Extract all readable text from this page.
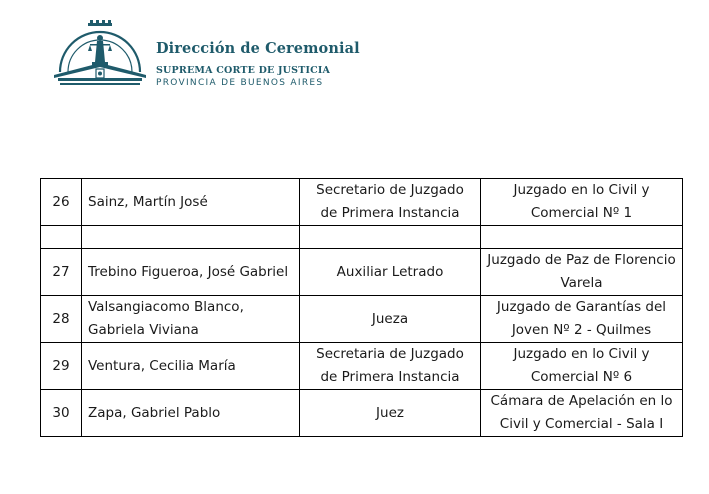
Dirección de Ceremonial
SUPREMA CORTE DE JUSTICIA
PROVINCIA DE BUENOS AIRES
26	Sainz, Martín José	Secretario de Juzgado de Primera Instancia	Juzgado en lo Civil y Comercial Nº 1

27	Trebino Figueroa, José Gabriel	Auxiliar Letrado	Juzgado de Paz de Florencio Varela
28	Valsangiacomo Blanco, Gabriela Viviana	Jueza	Juzgado de Garantías del Joven Nº 2 - Quilmes
29	Ventura, Cecilia María	Secretaria de Juzgado de Primera Instancia	Juzgado en lo Civil y Comercial Nº 6
30	Zapa, Gabriel Pablo	Juez	Cámara de Apelación en lo Civil y Comercial - Sala I
